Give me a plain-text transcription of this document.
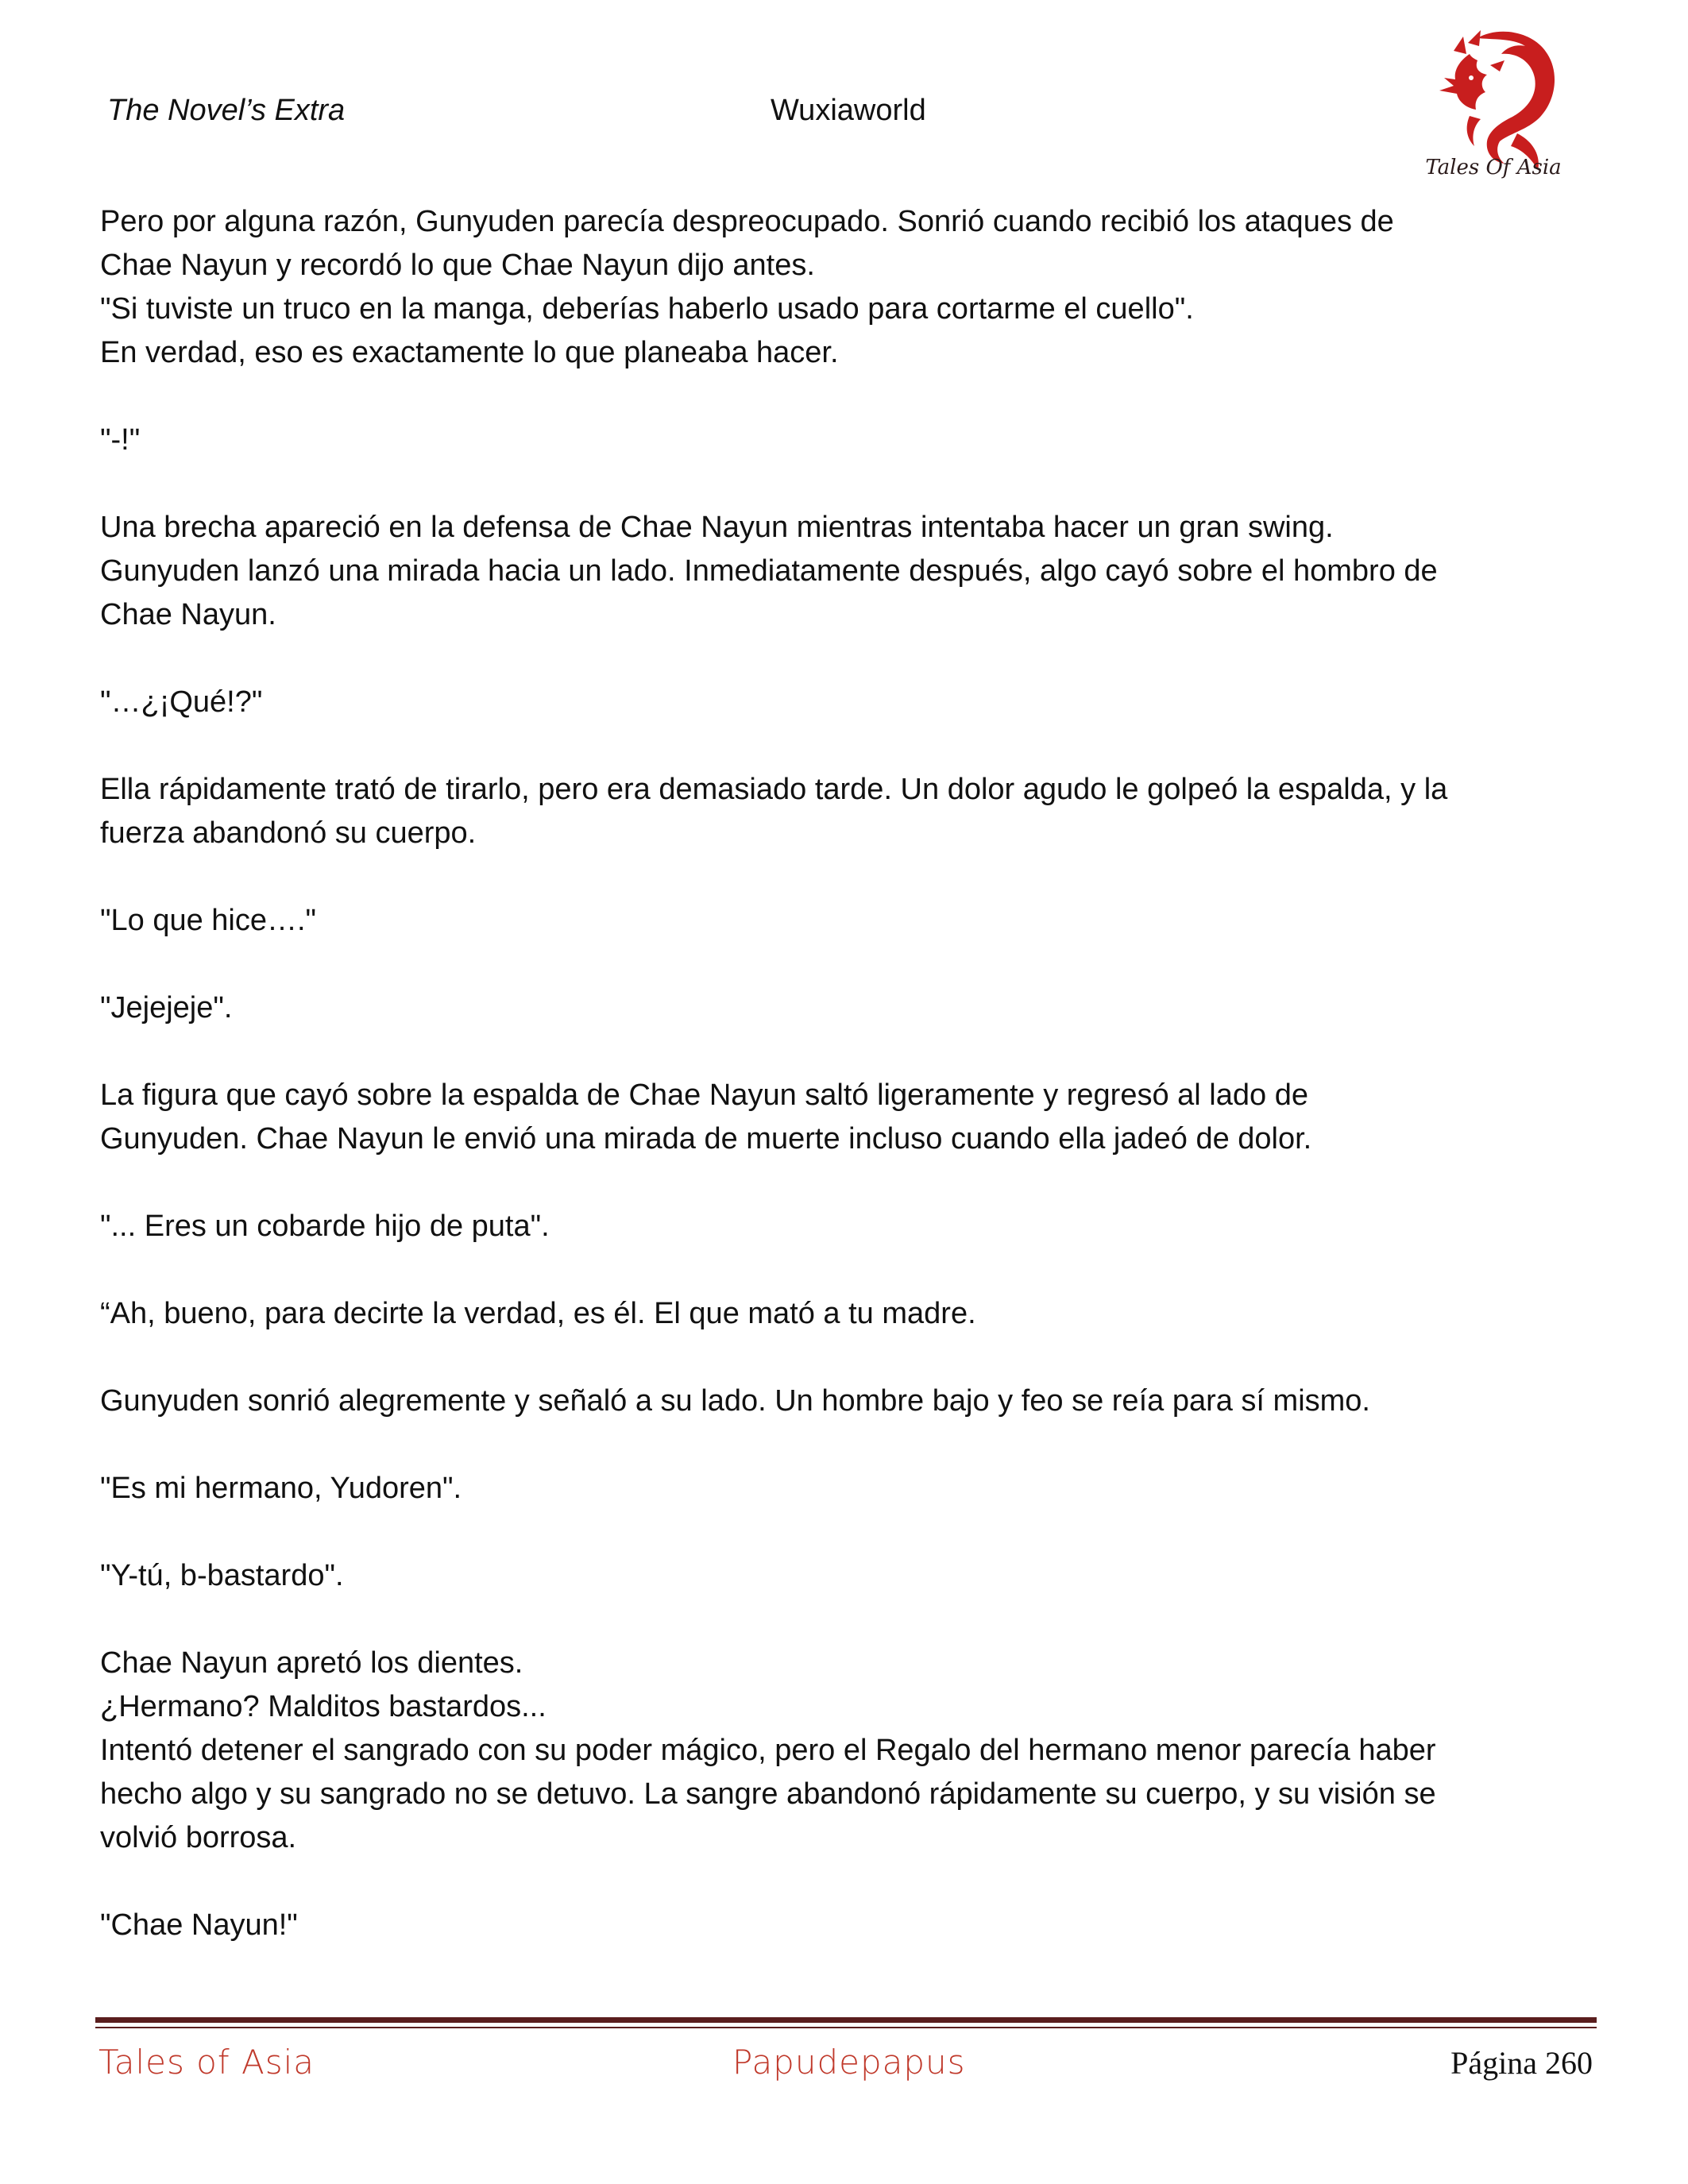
The Novel’s Extra	Wuxiaworld
Tales Of Asia

Pero por alguna razón, Gunyuden parecía despreocupado. Sonrió cuando recibió los ataques de
Chae Nayun y recordó lo que Chae Nayun dijo antes.

"Si tuviste un truco en la manga, deberías haberlo usado para cortarme el cuello".

En verdad, eso es exactamente lo que planeaba hacer.

"-!"

Una brecha apareció en la defensa de Chae Nayun mientras intentaba hacer un gran swing.
Gunyuden lanzó una mirada hacia un lado. Inmediatamente después, algo cayó sobre el hombro de
Chae Nayun.

"…¿¡Qué!?"

Ella rápidamente trató de tirarlo, pero era demasiado tarde. Un dolor agudo le golpeó la espalda, y la
fuerza abandonó su cuerpo.

"Lo que hice…."

"Jejejeje".

La figura que cayó sobre la espalda de Chae Nayun saltó ligeramente y regresó al lado de
Gunyuden. Chae Nayun le envió una mirada de muerte incluso cuando ella jadeó de dolor.

"... Eres un cobarde hijo de puta".

“Ah, bueno, para decirte la verdad, es él. El que mató a tu madre.

Gunyuden sonrió alegremente y señaló a su lado. Un hombre bajo y feo se reía para sí mismo.

"Es mi hermano, Yudoren".

"Y-tú, b-bastardo".

Chae Nayun apretó los dientes.

¿Hermano? Malditos bastardos...

Intentó detener el sangrado con su poder mágico, pero el Regalo del hermano menor parecía haber
hecho algo y su sangrado no se detuvo. La sangre abandonó rápidamente su cuerpo, y su visión se
volvió borrosa.

"Chae Nayun!"

Tales of Asia	Papudepapus	Página 260
